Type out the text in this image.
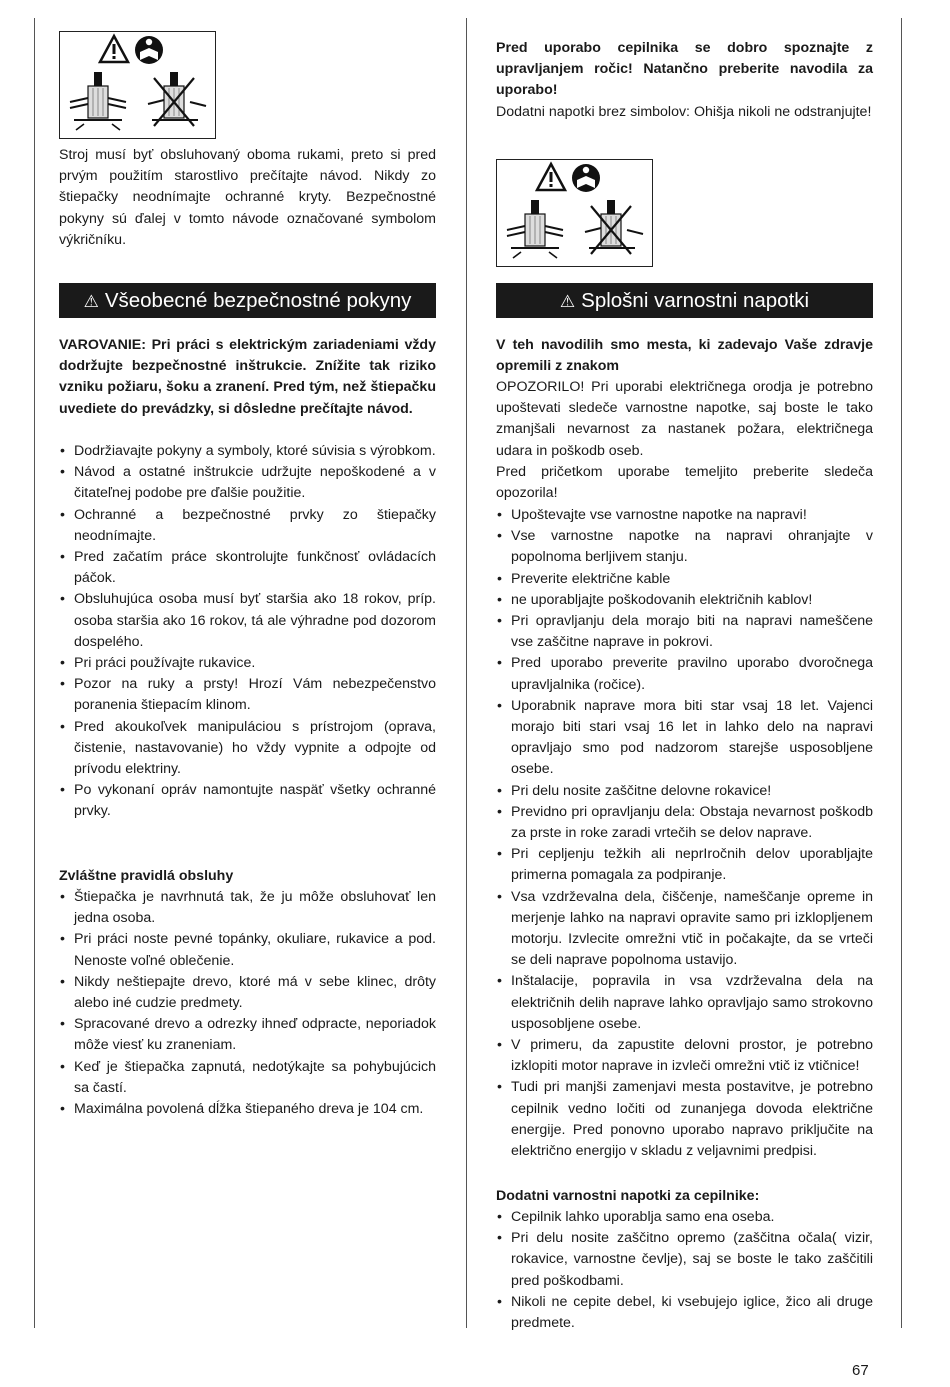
Stroj musí byť obsluhovaný oboma rukami, preto si pred prvým použitím starostlivo prečítajte návod. Nikdy zo štiepačky neodnímajte ochranné kryty. Bezpečnostné pokyny sú ďalej v tomto návode označované symbolom výkričníku.

⚠ Všeobecné bezpečnostné pokyny

VAROVANIE: Pri práci s elektrickým zariadeniami vždy dodržujte bezpečnostné inštrukcie. Znížite tak riziko vzniku požiaru, šoku a zranení. Pred tým, než štiepačku uvediete do prevádzky, si dôsledne prečítajte návod.

• Dodržiavajte pokyny a symboly, ktoré súvisia s výrobkom.
• Návod a ostatné inštrukcie udržujte nepoškodené a v čitateľnej podobe pre ďalšie použitie.
• Ochranné a bezpečnostné prvky zo štiepačky neodnímajte.
• Pred začatím práce skontrolujte funkčnosť ovládacích páčok.
• Obsluhujúca osoba musí byť staršia ako 18 rokov, príp. osoba staršia ako 16 rokov, tá ale výhradne pod dozorom dospelého.
• Pri práci používajte rukavice.
• Pozor na ruky a prsty! Hrozí Vám nebezpečenstvo poranenia štiepacím klinom.
• Pred akoukoľvek manipuláciou s prístrojom (oprava, čistenie, nastavovanie) ho vždy vypnite a odpojte od prívodu elektriny.
• Po vykonaní opráv namontujte naspäť všetky ochranné prvky.

Zvláštne pravidlá obsluhy

• Štiepačka je navrhnutá tak, že ju môže obsluhovať len jedna osoba.
• Pri práci noste pevné topánky, okuliare, rukavice a pod. Nenoste voľné oblečenie.
• Nikdy neštiepajte drevo, ktoré má v sebe klinec, drôty alebo iné cudzie predmety.
• Spracované drevo a odrezky ihneď odpracte, neporiadok môže viesť ku zraneniam.
• Keď je štiepačka zapnutá, nedotýkajte sa pohybujúcich sa častí.
• Maximálna povolená dĺžka štiepaného dreva je 104 cm.

Pred uporabo cepilnika se dobro spoznajte z upravljanjem ročic! Natančno preberite navodila za uporabo!

Dodatni napotki brez simbolov: Ohišja nikoli ne odstranjujte!

⚠ Splošni varnostni napotki

V teh navodilih smo mesta, ki zadevajo Vaše zdravje opremili z znakom

OPOZORILO! Pri uporabi električnega orodja je potrebno upoštevati sledeče varnostne napotke, saj boste le tako zmanjšali nevarnost za nastanek požara, električnega udara in poškodb oseb.

Pred pričetkom uporabe temeljito preberite sledeča opozorila!

• Upoštevajte vse varnostne napotke na napravi!
• Vse varnostne napotke na napravi ohranjajte v popolnoma berljivem stanju.
• Preverite električne kable
• ne uporabljajte poškodovanih električnih kablov!
• Pri opravljanju dela morajo biti na napravi nameščene vse zaščitne naprave in pokrovi.
• Pred uporabo preverite pravilno uporabo dvoročnega upravljalnika (ročice).
• Uporabnik naprave mora biti star vsaj 18 let. Vajenci morajo biti stari vsaj 16 let in lahko delo na napravi opravljajo smo pod nadzorom starejše usposobljene osebe.
• Pri delu nosite zaščitne delovne rokavice!
• Previdno pri opravljanju dela: Obstaja nevarnost poškodb za prste in roke zaradi vrtečih se delov naprave.
• Pri cepljenju težkih ali neprIročnih delov uporabljajte primerna pomagala za podpiranje.
• Vsa vzdrževalna dela, čiščenje, nameščanje opreme in merjenje lahko na napravi opravite samo pri izklopljenem motorju. Izvlecite omrežni vtič in počakajte, da se vrteči se deli naprave popolnoma ustavijo.
• Inštalacije, popravila in vsa vzdrževalna dela na električnih delih naprave lahko opravljajo samo strokovno usposobljene osebe.
• V primeru, da zapustite delovni prostor, je potrebno izklopiti motor naprave in izvleči omrežni vtič iz vtičnice!
• Tudi pri manjši zamenjavi mesta postavitve, je potrebno cepilnik vedno ločiti od zunanjega dovoda električne energije. Pred ponovno uporabo napravo priključite na električno energijo v skladu z veljavnimi predpisi.

Dodatni varnostni napotki za cepilnike:

• Cepilnik lahko uporablja samo ena oseba.
• Pri delu nosite zaščitno opremo (zaščitna očala( vizir, rokavice, varnostne čevlje), saj se boste le tako zaščitili pred poškodbami.
• Nikoli ne cepite debel, ki vsebujejo iglice, žico ali druge predmete.
67
